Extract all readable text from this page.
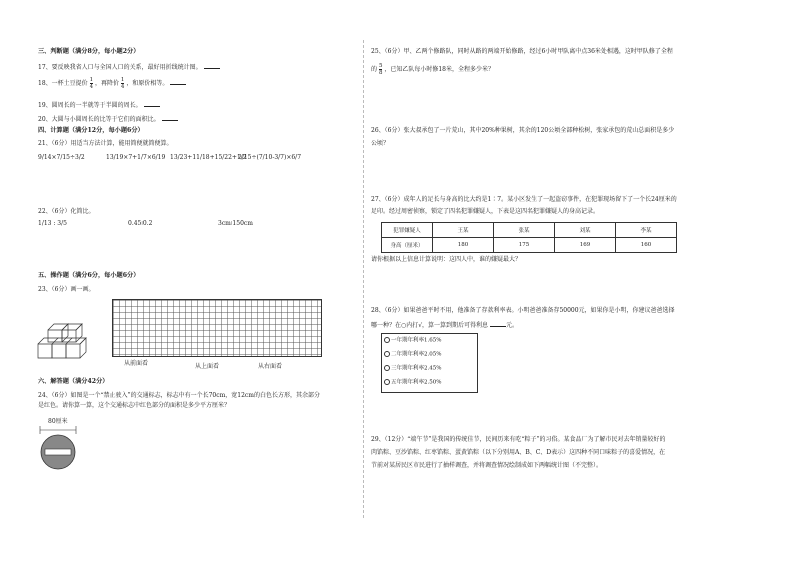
三、判断题（满分8分，每小题2分）
17、要反映我省人口与全国人口的关系，最好用折线统计图。
18、一杯土豆提价 $\frac{1}{4}$ ，再降价 $\frac{1}{4}$ ，和原价相等。
19、圆周长的一半就等于半圆的周长。
20、大圆与小圆周长的比等于它们的面积比。
四、计算题（满分12分，每小题6分）
21、（6分）用适当方法计算，能用简便就简便算。
9/14×7/15÷3/2	13/19×7+1/7×6/19 13/23+11/18+15/22+1/2
2/15÷(7/10-3/7)×6/7
22、（6分）化简比。
1/13 : 3/5	0.45∶0.2	3cm∶150cm
五、操作题（满分6分，每小题6分）
23、（6分）画一画。
从前面看	从上面看	从右面看
六、解答题（满分42分）
24、（6分）如图是一个“禁止驶入”的交通标志，标志中有一个长70cm，宽12cm的白色长方形，其余部分
是红色。请你算一算，这个交通标志中红色部分的面积是多少平方厘米？
80厘米
25、（6分）甲、乙两个修路队，同时从路的两端开始修路，经过6小时甲队离中点36米处相遇，这时甲队修了全程
的 $\frac{5}{8}$ ，已知乙队每小时修18米，全程多少米？
26、（6分）张大叔承包了一片荒山，其中20%种果树，其余的120公顷全部种松树，张家承包的荒山总面积是多少
公顷？
27、（6分）成年人的足长与身高的比大约是1∶7。某小区发生了一起盗窃事件，在犯罪现场留下了一个长24厘米的
足印。经过周密侦察，锁定了四名犯罪嫌疑人，下表是这四名犯罪嫌疑人的身高记录。
犯罪嫌疑人	王某	张某	刘某	李某
身高（厘米）	180	175	169	160
请你根据以上信息计算说明：这四人中，谁的嫌疑最大？
28、（6分）如果爸爸平时不用，他准备了存款利率表。小明爸爸准备存50000元，如果你是小明，你建议爸爸选择
哪一种？在○内打√，算一算到期后可得利息	元。
一年期年利率1.65%
二年期年利率2.05%
三年期年利率2.45%
五年期年利率2.50%
29、（12分）“端午节”是我国的传统佳节，民间历来有吃“粽子”的习俗。某食品厂为了解市民对去年销量较好的
肉馅粽、豆沙馅粽、红枣馅粽、蛋黄馅粽（以下分别用A、B、C、D表示）这四种不同口味粽子的喜爱情况，在
节前对某居民区市民进行了抽样调查，并将调查情况绘制成如下两幅统计图（不完整）。
